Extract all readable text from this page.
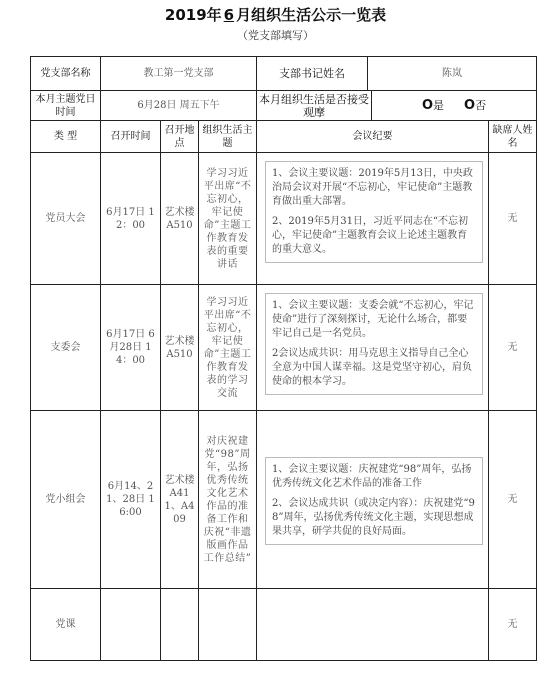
2019年 6 月组织生活公示一览表
（党支部填写）
党支部名称	教工第一党支部			支部书记姓名 陈岚	

本月主题党日时间	6月28日 周五下午			本月组织生活是否接受观摩 O 是 O 否	

类 型	召开时间	召开地点	组织生活主题	会议纪要	缺席人姓名
党员大会	6月17日 12：00	艺术楼A510	学习习近平出席“不忘初心，牢记使命”主题工作教育发表的重要讲话	1、会议主要议题：2019年5月13日，中央政治局会议对开展“不忘初心，牢记使命”主题教育做出重大部署。

2、2019年5月31日，习近平同志在“不忘初心，牢记使命”主题教育会议上论述主题教育的重大意义。	无
支委会	6月17日 6月28日 14：00	艺术楼A510	学习习近平出席“不忘初心，牢记使命”主题工作教育发表的学习交流	1、会议主要议题：支委会就“不忘初心，牢记使命”进行了深刻探讨，无论什么场合，都要牢记自己是一名党员。

2会议达成共识：用马克思主义指导自己全心全意为中国人谋幸福。这是党坚守初心，肩负使命的根本学习。	无
党小组会	6月14、21、28日 16:00	艺术楼A411、A409	对庆祝建党“98”周年，弘扬优秀传统文化艺术作品的准备工作和庆祝“非遗版画作品工作总结”	1、会议主要议题：庆祝建党“98”周年，弘扬优秀传统文化艺术作品的准备工作

2、会议达成共识（或决定内容）：庆祝建党“98”周年，弘扬优秀传统文化主题，实现思想成果共享，研学共促的良好局面。	无
党课					无
